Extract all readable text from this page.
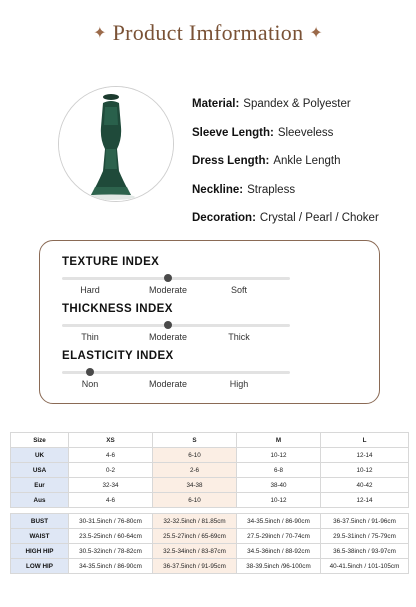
✦ Product Imformation ✦
Material: Spandex & Polyester
Sleeve Length: Sleeveless
Dress Length: Ankle Length
Neckline: Strapless
Decoration: Crystal / Pearl / Choker
TEXTURE INDEX
Hard	Moderate	Soft
THICKNESS INDEX
Thin	Moderate	Thick
ELASTICITY INDEX
Non	Moderate	High
Size	XS	S	M	L
UK	4-6	6-10	10-12	12-14
USA	0-2	2-6	6-8	10-12
Eur	32-34	34-38	38-40	40-42
Aus	4-6	6-10	10-12	12-14

BUST	30-31.5inch / 76-80cm	32-32.5inch / 81.85cm	34-35.5inch / 86-90cm	36-37.5inch / 91-96cm
WAIST	23.5-25inch / 60-64cm	25.5-27inch / 65-69cm	27.5-29inch / 70-74cm	29.5-31inch / 75-79cm
HIGH HIP	30.5-32inch / 78-82cm	32.5-34inch / 83-87cm	34.5-36inch / 88-92cm	36.5-38inch / 93-97cm
LOW HIP	34-35.5inch / 86-90cm	36-37.5inch / 91-95cm	38-39.5inch /96-100cm	40-41.5inch / 101-105cm
